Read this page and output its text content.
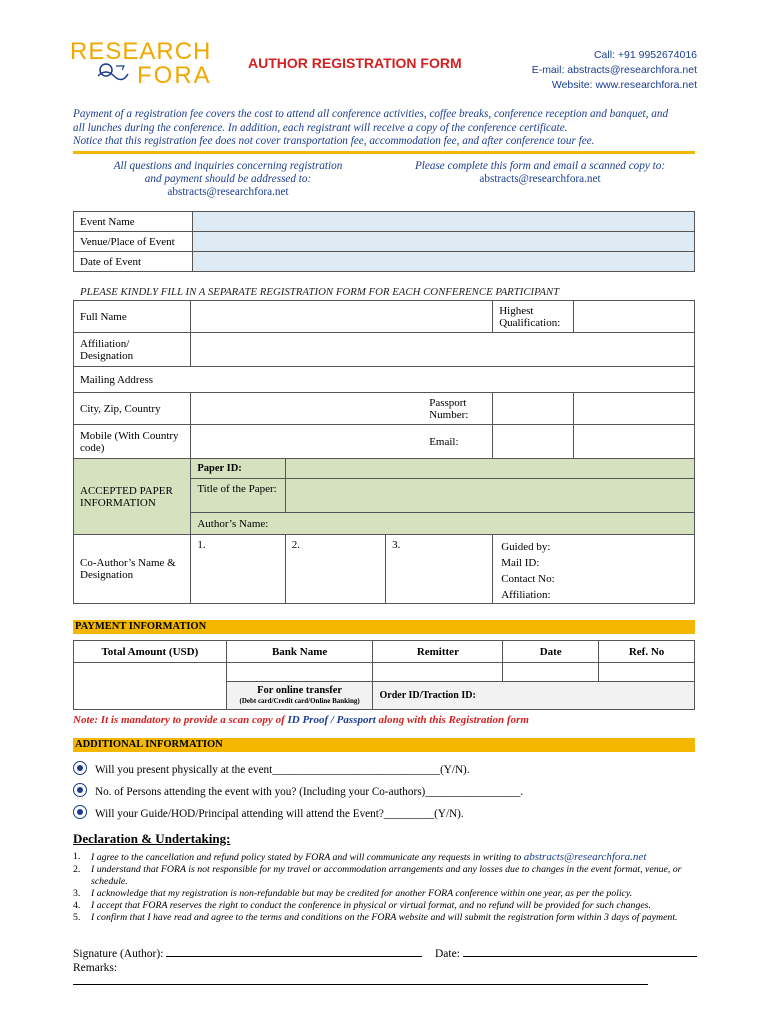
RESEARCH
FORA	AUTHOR REGISTRATION FORM	Call: +91 9952674016
E-mail: abstracts@researchfora.net
Website: www.researchfora.net
Payment of a registration fee covers the cost to attend all conference activities, coffee breaks, conference reception and banquet, and
all lunches during the conference. In addition, each registrant will receive a copy of the conference certificate.
Notice that this registration fee does not cover transportation fee, accommodation fee, and after conference tour fee.
All questions and inquiries concerning registration
and payment should be addressed to:
abstracts@researchfora.net
Please complete this form and email a scanned copy to:
abstracts@researchfora.net
Event Name	
Venue/Place of Event	
Date of Event	
PLEASE KINDLY FILL IN A SEPARATE REGISTRATION FORM FOR EACH CONFERENCE PARTICIPANT
Full Name				Highest Qualification:	
Affiliation/ Designation					
Mailing Address					
City, Zip, Country				Passport Number:	
Mobile (With Country code)				Email:	
ACCEPTED PAPER INFORMATION	Paper ID:				
	Title of the Paper:				
	Author’s Name:				
Co-Author’s Name & Designation	1.	2.	3.	Guided by:
Mail ID:
Contact No:
Affiliation:	
PAYMENT INFORMATION
Total Amount (USD)	Bank Name	Remitter	Date	Ref. No

	For online transfer
(Debt card/Credit card/Online Banking)	Order ID/Traction ID:		
Note: It is mandatory to provide a scan copy of ID Proof / Passport along with this Registration form
ADDITIONAL INFORMATION
Will you present physically at the event______________________________(Y/N).
No. of Persons attending the event with you? (Including your Co-authors)_________________.
Will your Guide/HOD/Principal attending will attend the Event?_________(Y/N).
Declaration & Undertaking:
1.	I agree to the cancellation and refund policy stated by FORA and will communicate any requests in writing to abstracts@researchfora.net
2.	I understand that FORA is not responsible for my travel or accommodation arrangements and any losses due to changes in the event format, venue, or schedule.
3.	I acknowledge that my registration is non-refundable but may be credited for another FORA conference within one year, as per the policy.
4.	I accept that FORA reserves the right to conduct the conference in physical or virtual format, and no refund will be provided for such changes.
5.	I confirm that I have read and agree to the terms and conditions on the FORA website and will submit the registration form within 3 days of payment.
Signature (Author):	Date:
Remarks:
